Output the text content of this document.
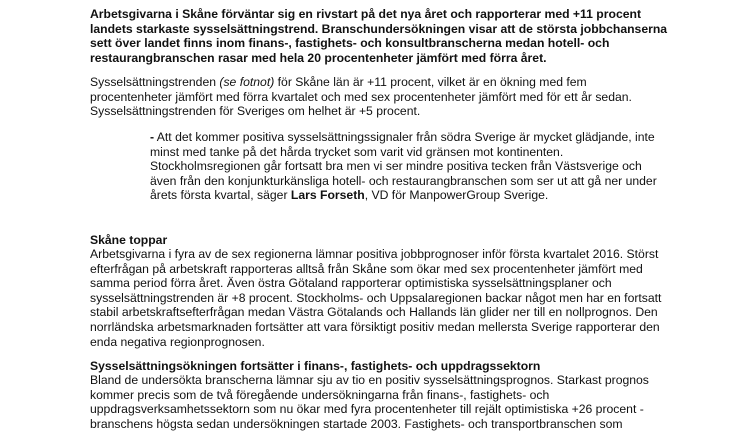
Arbetsgivarna i Skåne förväntar sig en rivstart på det nya året och rapporterar med +11 procent landets starkaste sysselsättningstrend. Branschundersökningen visar att de största jobbchanserna sett över landet finns inom finans-, fastighets- och konsultbranscherna medan hotell- och restaurangbranschen rasar med hela 20 procentenheter jämfört med förra året.

Sysselsättningstrenden (se fotnot) för Skåne län är +11 procent, vilket är en ökning med fem procentenheter jämfört med förra kvartalet och med sex procentenheter jämfört med för ett år sedan. Sysselsättningstrenden för Sveriges om helhet är +5 procent.

- Att det kommer positiva sysselsättningssignaler från södra Sverige är mycket glädjande, inte minst med tanke på det hårda trycket som varit vid gränsen mot kontinenten. Stockholmsregionen går fortsatt bra men vi ser mindre positiva tecken från Västsverige och även från den konjunkturkänsliga hotell- och restaurangbranschen som ser ut att gå ner under årets första kvartal, säger Lars Forseth, VD för ManpowerGroup Sverige.

Skåne toppar

Arbetsgivarna i fyra av de sex regionerna lämnar positiva jobbprognoser inför första kvartalet 2016. Störst efterfrågan på arbetskraft rapporteras alltså från Skåne som ökar med sex procentenheter jämfört med samma period förra året. Även östra Götaland rapporterar optimistiska sysselsättningsplaner och sysselsättningstrenden är +8 procent. Stockholms- och Uppsalaregionen backar något men har en fortsatt stabil arbetskraftsefterfrågan medan Västra Götalands och Hallands län glider ner till en nollprognos. Den norrländska arbetsmarknaden fortsätter att vara försiktigt positiv medan mellersta Sverige rapporterar den enda negativa regionprognosen.

Sysselsättningsökningen fortsätter i finans-, fastighets- och uppdragssektorn

Bland de undersökta branscherna lämnar sju av tio en positiv sysselsättningsprognos. Starkast prognos kommer precis som de två föregående undersökningarna från finans-, fastighets- och uppdragsverksamhetssektorn som nu ökar med fyra procentenheter till rejält optimistiska +26 procent - branschens högsta sedan undersökningen startade 2003. Fastighets- och transportbranschen som
